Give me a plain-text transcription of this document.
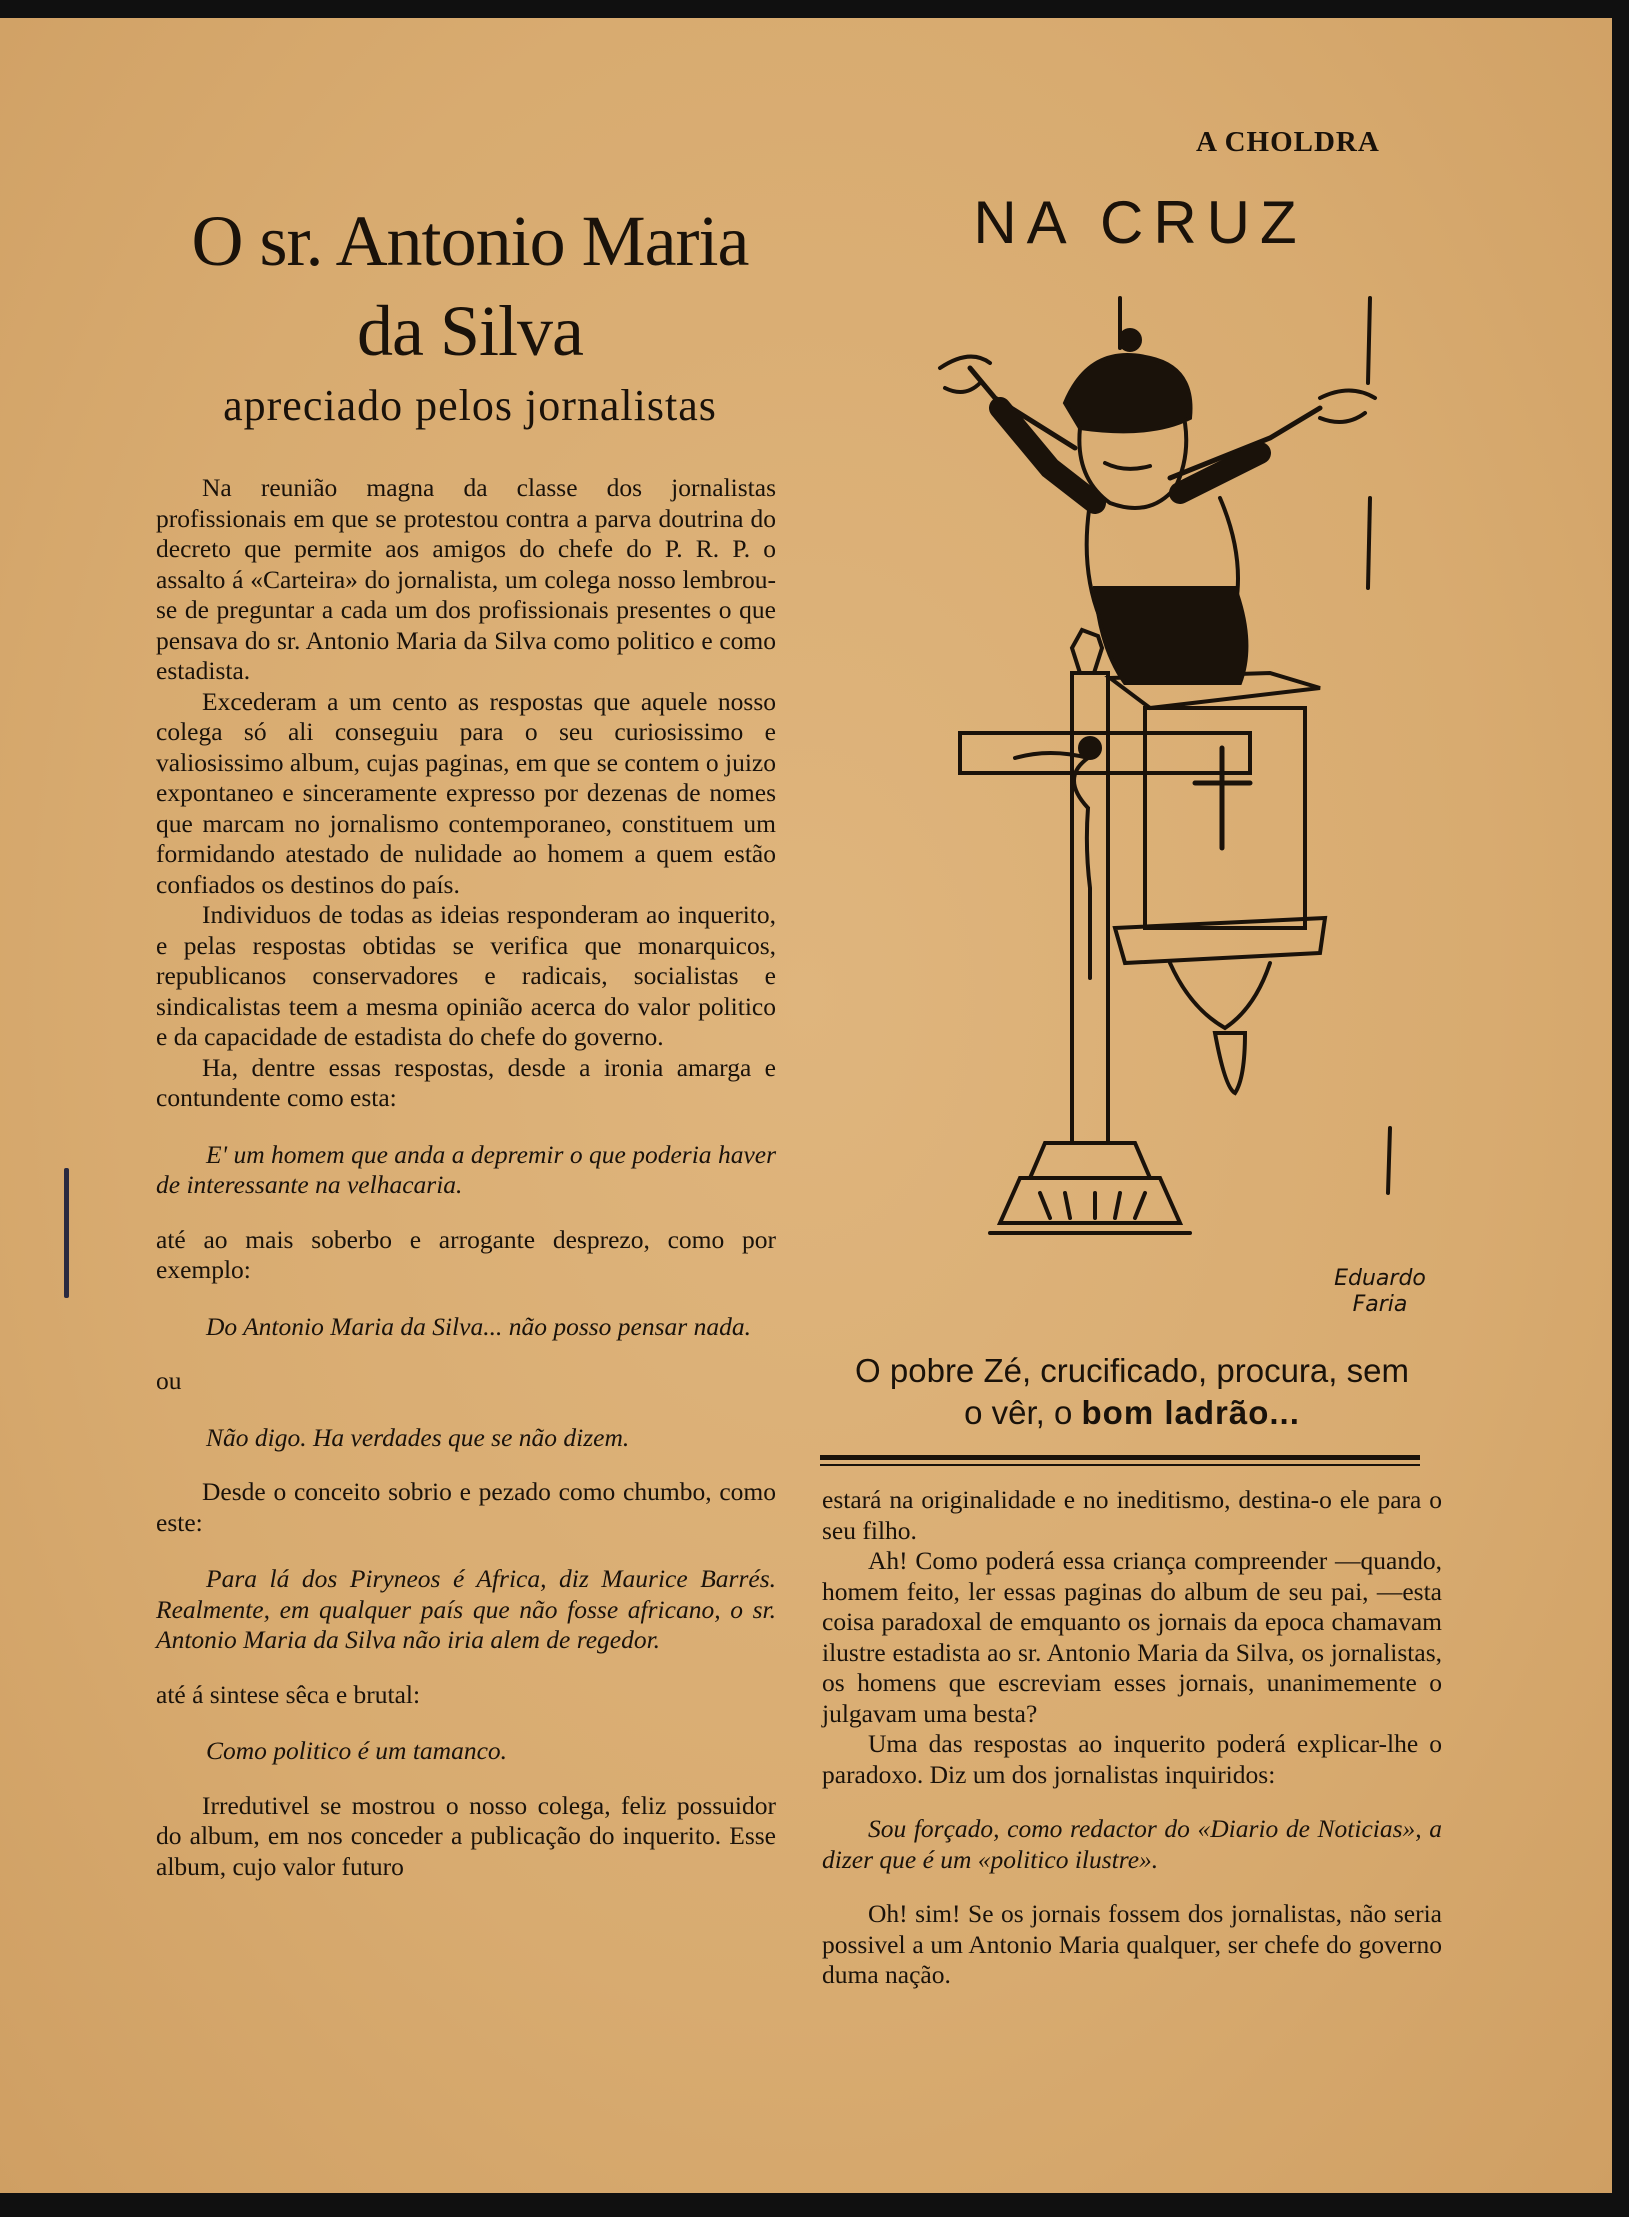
A CHOLDRA
O sr. Antonio Maria
da Silva
apreciado pelos jornalistas

Na reunião magna da classe dos jornalistas profissionais em que se protestou contra a parva doutrina do decreto que permite aos amigos do chefe do P. R. P. o assalto á «Carteira» do jornalista, um colega nosso lembrou-se de preguntar a cada um dos profissionais presentes o que pensava do sr. Antonio Maria da Silva como politico e como estadista.

Excederam a um cento as respostas que aquele nosso colega só ali conseguiu para o seu curiosissimo e valiosissimo album, cujas paginas, em que se contem o juizo expontaneo e sinceramente expresso por dezenas de nomes que marcam no jornalismo contemporaneo, constituem um formidando atestado de nulidade ao homem a quem estão confiados os destinos do país.

Individuos de todas as ideias responderam ao inquerito, e pelas respostas obtidas se verifica que monarquicos, republicanos conservadores e radicais, socialistas e sindicalistas teem a mesma opinião acerca do valor politico e da capacidade de estadista do chefe do governo.

Ha, dentre essas respostas, desde a ironia amarga e contundente como esta:

E' um homem que anda a depremir o que poderia haver de interessante na velhacaria.

até ao mais soberbo e arrogante desprezo, como por exemplo:

Do Antonio Maria da Silva... não posso pensar nada.

ou

Não digo. Ha verdades que se não dizem.

Desde o conceito sobrio e pezado como chumbo, como este:

Para lá dos Pirynеos é Africa, diz Maurice Barrés. Realmente, em qualquer país que não fosse africano, o sr. Antonio Maria da Silva não iria alem de regedor.

até á sintese sêca e brutal:

Como politico é um tamanco.

Irredutivel se mostrou o nosso colega, feliz possuidor do album, em nos conceder a publicação do inquerito. Esse album, cujo valor futuro

NA CRUZ
Eduardo
Faria
O pobre Zé, crucificado, procura, sem
o vêr, o bom ladrão...

estará na originalidade e no ineditismo, destina-o ele para o seu filho.

Ah! Como poderá essa criança compreender —quando, homem feito, ler essas paginas do album de seu pai, —esta coisa paradoxal de emquanto os jornais da epoca chamavam ilustre estadista ao sr. Antonio Maria da Silva, os jornalistas, os homens que escreviam esses jornais, unanimemente o julgavam uma besta?

Uma das respostas ao inquerito poderá explicar-lhe o paradoxo. Diz um dos jornalistas inquiridos:

Sou forçado, como redactor do «Diario de Noticias», a dizer que é um «politico ilustre».

Oh! sim! Se os jornais fossem dos jornalistas, não seria possivel a um Antonio Maria qualquer, ser chefe do governo duma nação.
